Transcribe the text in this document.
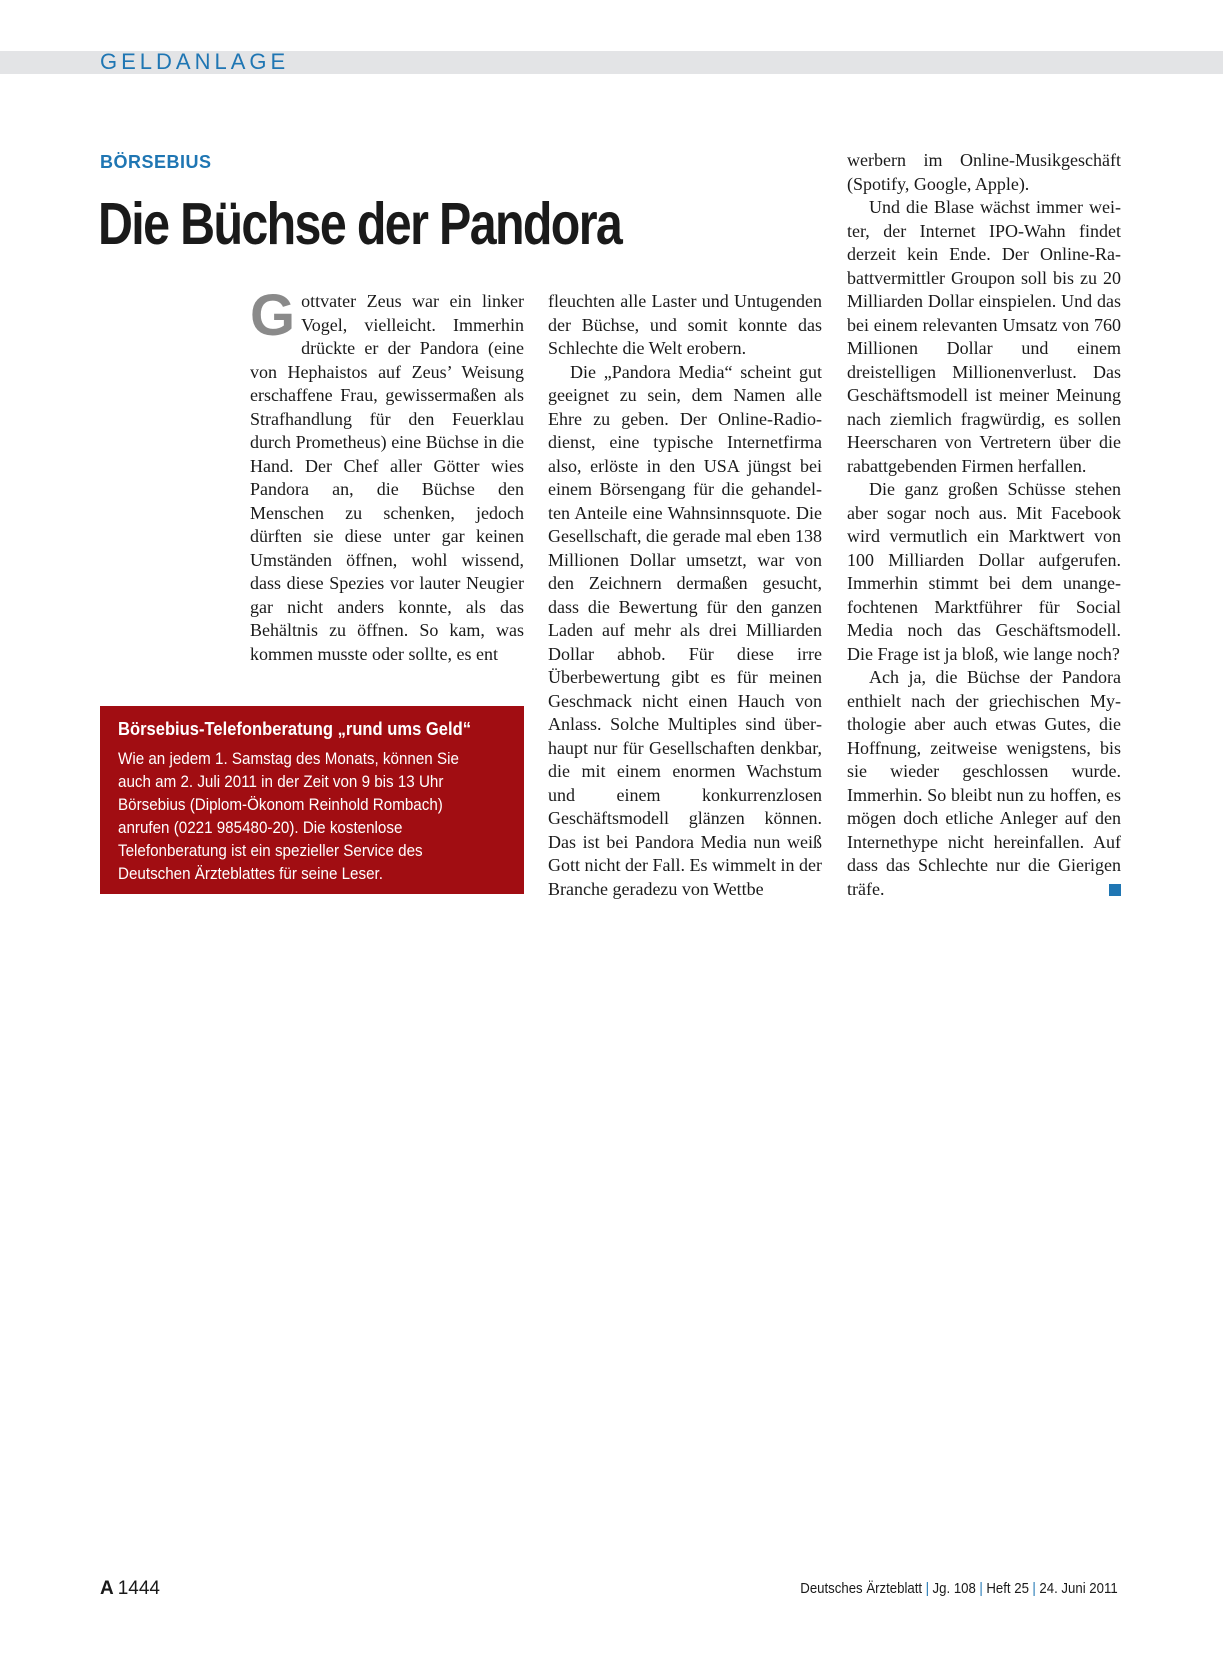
GELDANLAGE
BÖRSEBIUS
Die Büchse der Pandora

Gottvater Zeus war ein linker Vogel, vielleicht. Immerhin drückte er der Pandora (eine von Hephaistos auf Zeus’ Weisung erschaffene Frau, gewissermaßen als Strafhandlung für den Feuerklau durch Prometheus) eine Büchse in die Hand. Der Chef aller Götter wies Pandora an, die Büchse den Menschen zu schenken, jedoch dürften sie diese unter gar keinen Umständen öffnen, wohl wissend, dass diese Spezies vor lauter Neugier gar nicht anders konnte, als das Behältnis zu öffnen. So kam, was kommen musste oder sollte, es ent

fleuchten alle Laster und Untugenden der Büchse, und somit konnte das Schlechte die Welt erobern.

Die „Pandora Media“ scheint gut geeignet zu sein, dem Namen alle Ehre zu geben. Der Online-Radiodienst, eine typische Internetfirma also, erlöste in den USA jüngst bei einem Börsengang für die gehandelten Anteile eine Wahnsinnsquote. Die Gesellschaft, die gerade mal eben 138 Millionen Dollar umsetzt, war von den Zeichnern dermaßen gesucht, dass die Bewertung für den ganzen Laden auf mehr als drei Milliarden Dollar abhob. Für diese irre Überbewertung gibt es für meinen Geschmack nicht einen Hauch von Anlass. Solche Multiples sind überhaupt nur für Gesellschaften denkbar, die mit einem enormen Wachstum und einem konkurrenzlosen Geschäftsmodell glänzen können. Das ist bei Pandora Media nun weiß Gott nicht der Fall. Es wimmelt in der Branche geradezu von Wettbe

werbern im Online-Musikgeschäft (Spotify, Google, Apple).

Und die Blase wächst immer weiter, der Internet IPO-Wahn findet derzeit kein Ende. Der Online-Rabattvermittler Groupon soll bis zu 20 Milliarden Dollar einspielen. Und das bei einem relevanten Umsatz von 760 Millionen Dollar und einem dreistelligen Millionenverlust. Das Geschäftsmodell ist meiner Meinung nach ziemlich fragwürdig, es sollen Heerscharen von Vertretern über die rabattgebenden Firmen herfallen.

Die ganz großen Schüsse stehen aber sogar noch aus. Mit Facebook wird vermutlich ein Marktwert von 100 Milliarden Dollar aufgerufen. Immerhin stimmt bei dem unangefochtenen Marktführer für Social Media noch das Geschäftsmodell. Die Frage ist ja bloß, wie lange noch?

Ach ja, die Büchse der Pandora enthielt nach der griechischen Mythologie aber auch etwas Gutes, die Hoffnung, zeitweise wenigstens, bis sie wieder geschlossen wurde. Immerhin. So bleibt nun zu hoffen, es mögen doch etliche Anleger auf den Internethype nicht hereinfallen. Auf dass das Schlechte nur die Gierigen träfe.

Börsebius-Telefonberatung „rund ums Geld“
Wie an jedem 1. Samstag des Monats, können Sie
auch am 2. Juli 2011 in der Zeit von 9 bis 13 Uhr
Börsebius (Diplom-Ökonom Reinhold Rombach)
anrufen (0221 985480-20). Die kostenlose
Telefonberatung ist ein spezieller Service des
Deutschen Ärzteblattes für seine Leser.
A 1444	Deutsches Ärzteblatt | Jg. 108 | Heft 25 | 24. Juni 2011
